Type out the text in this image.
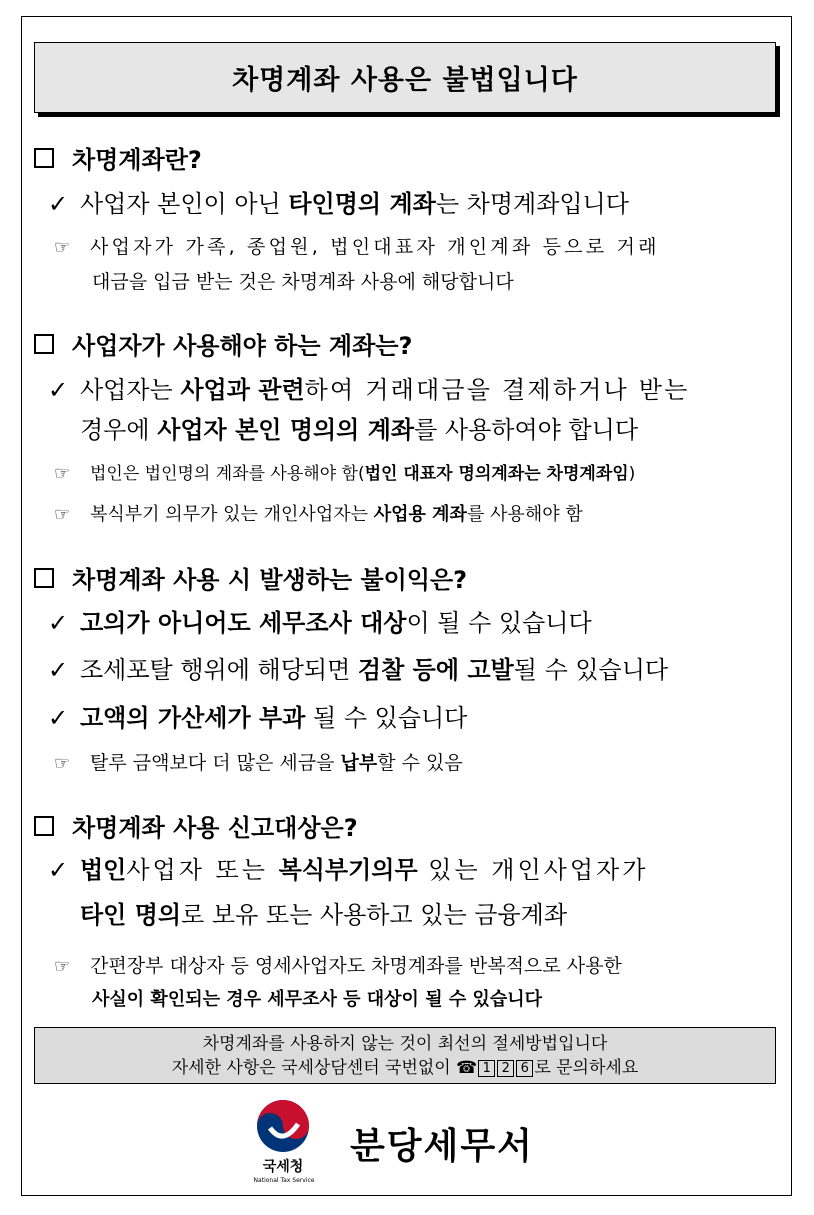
차명계좌 사용은 불법입니다
차명계좌란?
✓ 사업자 본인이 아닌 타인명의 계좌는 차명계좌입니다
☞ 사업자가 가족, 종업원, 법인대표자 개인계좌 등으로 거래
대금을 입금 받는 것은 차명계좌 사용에 해당합니다
사업자가 사용해야 하는 계좌는?
✓ 사업자는 사업과 관련하여 거래대금을 결제하거나 받는
경우에 사업자 본인 명의의 계좌를 사용하여야 합니다
☞ 법인은 법인명의 계좌를 사용해야 함(법인 대표자 명의계좌는 차명계좌임)
☞ 복식부기 의무가 있는 개인사업자는 사업용 계좌를 사용해야 함
차명계좌 사용 시 발생하는 불이익은?
✓ 고의가 아니어도 세무조사 대상이 될 수 있습니다
✓ 조세포탈 행위에 해당되면 검찰 등에 고발될 수 있습니다
✓ 고액의 가산세가 부과 될 수 있습니다
☞ 탈루 금액보다 더 많은 세금을 납부할 수 있음
차명계좌 사용 신고대상은?
✓ 법인사업자 또는 복식부기의무 있는 개인사업자가
타인 명의로 보유 또는 사용하고 있는 금융계좌
☞ 간편장부 대상자 등 영세사업자도 차명계좌를 반복적으로 사용한
사실이 확인되는 경우 세무조사 등 대상이 될 수 있습니다
차명계좌를 사용하지 않는 것이 최선의 절세방법입니다
자세한 사항은 국세상담센터 국번없이 ☎ 1 2 6 로 문의하세요
국세청
National Tax Service
분당세무서
